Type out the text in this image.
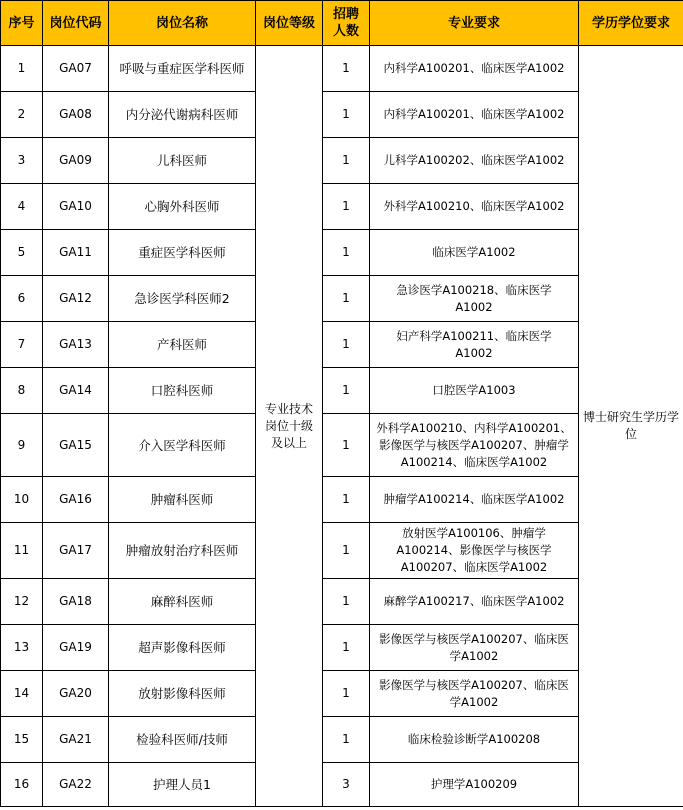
序号	岗位代码	岗位名称	岗位等级	招聘人数	专业要求	学历学位要求
1	GA07	呼吸与重症医学科医师	专业技术岗位十级及以上	1	内科学A100201、临床医学A1002	博士研究生学历学位
2	GA08	内分泌代谢病科医师		1	内科学A100201、临床医学A1002	
3	GA09	儿科医师		1	儿科学A100202、临床医学A1002	
4	GA10	心胸外科医师		1	外科学A100210、临床医学A1002	
5	GA11	重症医学科医师		1	临床医学A1002	
6	GA12	急诊医学科医师2		1	急诊医学A100218、临床医学A1002	
7	GA13	产科医师		1	妇产科学A100211、临床医学A1002	
8	GA14	口腔科医师		1	口腔医学A1003	
9	GA15	介入医学科医师		1	外科学A100210、内科学A100201、影像医学与核医学A100207、肿瘤学A100214、临床医学A1002	
10	GA16	肿瘤科医师		1	肿瘤学A100214、临床医学A1002	
11	GA17	肿瘤放射治疗科医师		1	放射医学A100106、肿瘤学A100214、影像医学与核医学A100207、临床医学A1002	
12	GA18	麻醉科医师		1	麻醉学A100217、临床医学A1002	
13	GA19	超声影像科医师		1	影像医学与核医学A100207、临床医学A1002	
14	GA20	放射影像科医师		1	影像医学与核医学A100207、临床医学A1002	
15	GA21	检验科医师/技师		1	临床检验诊断学A100208	
16	GA22	护理人员1		3	护理学A100209	
